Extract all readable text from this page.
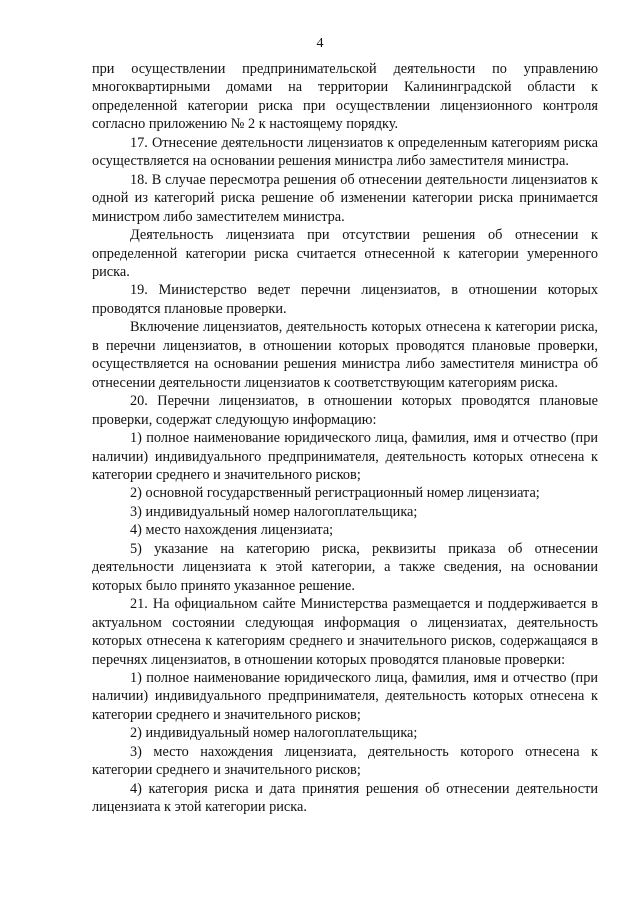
4

при осуществлении предпринимательской деятельности по управлению многоквартирными домами на территории Калининградской области к определенной категории риска при осуществлении лицензионного контроля согласно приложению № 2 к настоящему порядку.

17. Отнесение деятельности лицензиатов к определенным категориям риска осуществляется на основании решения министра либо заместителя министра.

18. В случае пересмотра решения об отнесении деятельности лицензиатов к одной из категорий риска решение об изменении категории риска принимается министром либо заместителем министра.

Деятельность лицензиата при отсутствии решения об отнесении к определенной категории риска считается отнесенной к категории умеренного риска.

19. Министерство ведет перечни лицензиатов, в отношении которых проводятся плановые проверки.

Включение лицензиатов, деятельность которых отнесена к категории риска, в перечни лицензиатов, в отношении которых проводятся плановые проверки, осуществляется на основании решения министра либо заместителя министра об отнесении деятельности лицензиатов к соответствующим категориям риска.

20. Перечни лицензиатов, в отношении которых проводятся плановые проверки, содержат следующую информацию:

1) полное наименование юридического лица, фамилия, имя и отчество (при наличии) индивидуального предпринимателя, деятельность которых отнесена к категории среднего и значительного рисков;

2) основной государственный регистрационный номер лицензиата;

3) индивидуальный номер налогоплательщика;

4) место нахождения лицензиата;

5) указание на категорию риска, реквизиты приказа об отнесении деятельности лицензиата к этой категории, а также сведения, на основании которых было принято указанное решение.

21. На официальном сайте Министерства размещается и поддерживается в актуальном состоянии следующая информация о лицензиатах, деятельность которых отнесена к категориям среднего и значительного рисков, содержащаяся в перечнях лицензиатов, в отношении которых проводятся плановые проверки:

1) полное наименование юридического лица, фамилия, имя и отчество (при наличии) индивидуального предпринимателя, деятельность которых отнесена к категории среднего и значительного рисков;

2) индивидуальный номер налогоплательщика;

3) место нахождения лицензиата, деятельность которого отнесена к категории среднего и значительного рисков;

4) категория риска и дата принятия решения об отнесении деятельности лицензиата к этой категории риска.
